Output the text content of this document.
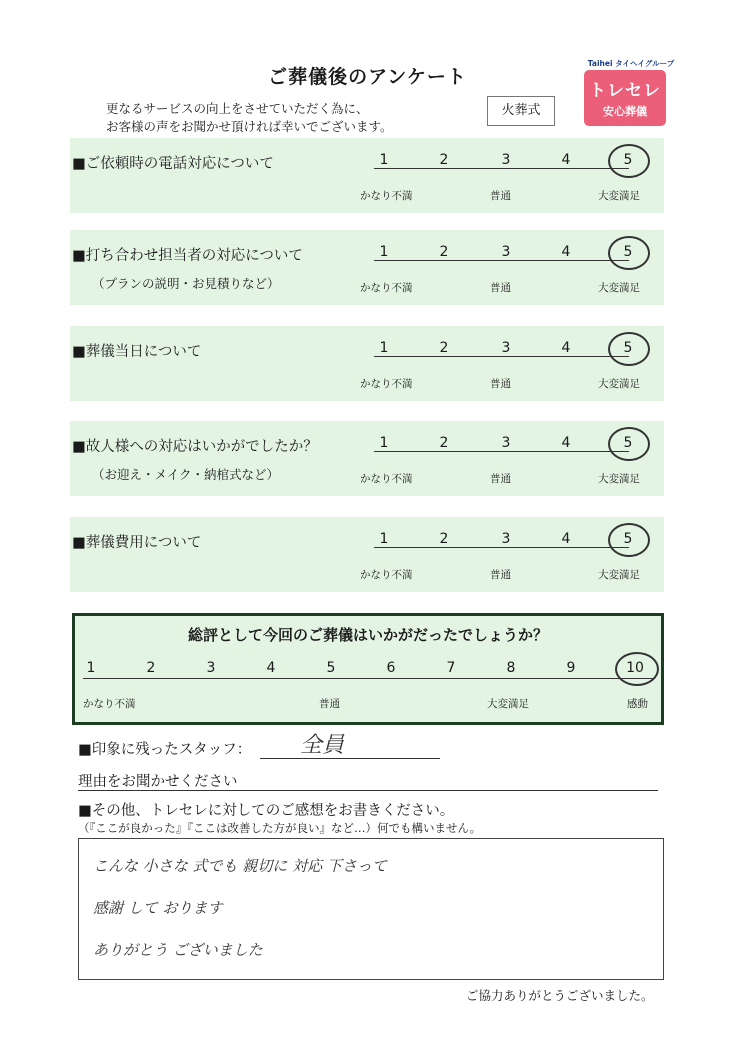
ご葬儀後のアンケート
更なるサービスの向上をさせていただく為に、
お客様の声をお聞かせ頂ければ幸いでございます。
火葬式
Taihei タイヘイグループ
トレセレ
安心葬儀
■ご依頼時の電話対応について	1	2	3	4	5
かなり不満	普通	大変満足
■打ち合わせ担当者の対応について
（プランの説明・お見積りなど）
1	2	3	4	5
かなり不満	普通	大変満足
■葬儀当日について	1	2	3	4	5
かなり不満	普通	大変満足
■故人様への対応はいかがでしたか？
（お迎え・メイク・納棺式など）
1	2	3	4	5
かなり不満	普通	大変満足
■葬儀費用について	1	2	3	4	5
かなり不満	普通	大変満足
総評として今回のご葬儀はいかがだったでしょうか？
1	2	3	4	5	6	7	8	9	10
かなり不満	普通	大変満足	感動
■印象に残ったスタッフ： 全員
理由をお聞かせください
■その他、トレセレに対してのご感想をお書きください。
（『ここが良かった』『ここは改善した方が良い』など…）何でも構いません。
こんな 小さな 式でも 親切に 対応 下さって
感謝 して おります
ありがとう ございました
ご協力ありがとうございました。
